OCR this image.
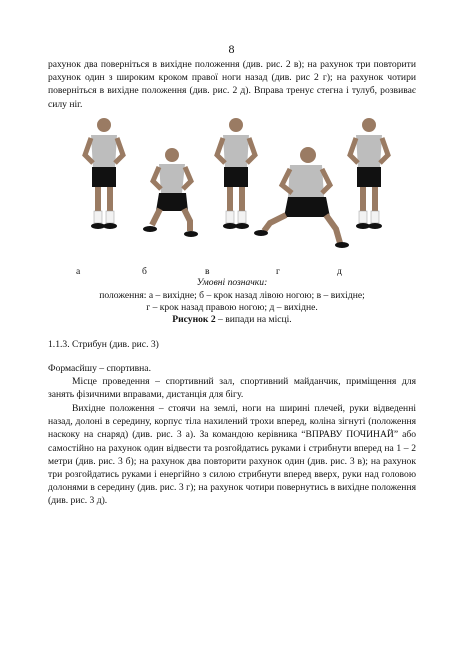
8
рахунок два поверніться в вихідне положення (див. рис. 2 в); на рахунок три повторити рахунок один з широким кроком правої ноги назад (див. рис 2 г); на рахунок чотири поверніться в вихідне положення (див. рис. 2 д). Вправа тренує стегна і тулуб, розвиває силу ніг.
а	б	в	г	д
Умовні позначки:
положення: а – вихідне; б – крок назад лівою ногою; в – вихідне;
г – крок назад правою ногою; д – вихідне.
Рисунок 2 – випади на місці.
1.1.3. Стрибун (див. рис. 3)
Формасйшу – спортивна.
Місце проведення – спортивний зал, спортивний майданчик, приміщення для занять фізичними вправами, дистанція для бігу.
Вихідне положення – стоячи на землі, ноги на ширині плечей, руки відведенні назад, долоні в середину, корпус тіла нахилений трохи вперед, коліна зігнуті (положення наскоку на снаряд) (див. рис. 3 а). За командою керівника “ВПРАВУ ПОЧИНАЙ” або самостійно на рахунок один відвести та розгойдатись руками і стрибнути вперед на 1 – 2 метри (див. рис. 3 б); на рахунок два повторити рахунок один (див. рис. 3 в); на рахунок три розгойдатись руками і енергійно з силою стрибнути вперед вверх, руки над головою долонями в середину (див. рис. 3 г); на рахунок чотири повернутись в вихідне положення (див. рис. 3 д).
